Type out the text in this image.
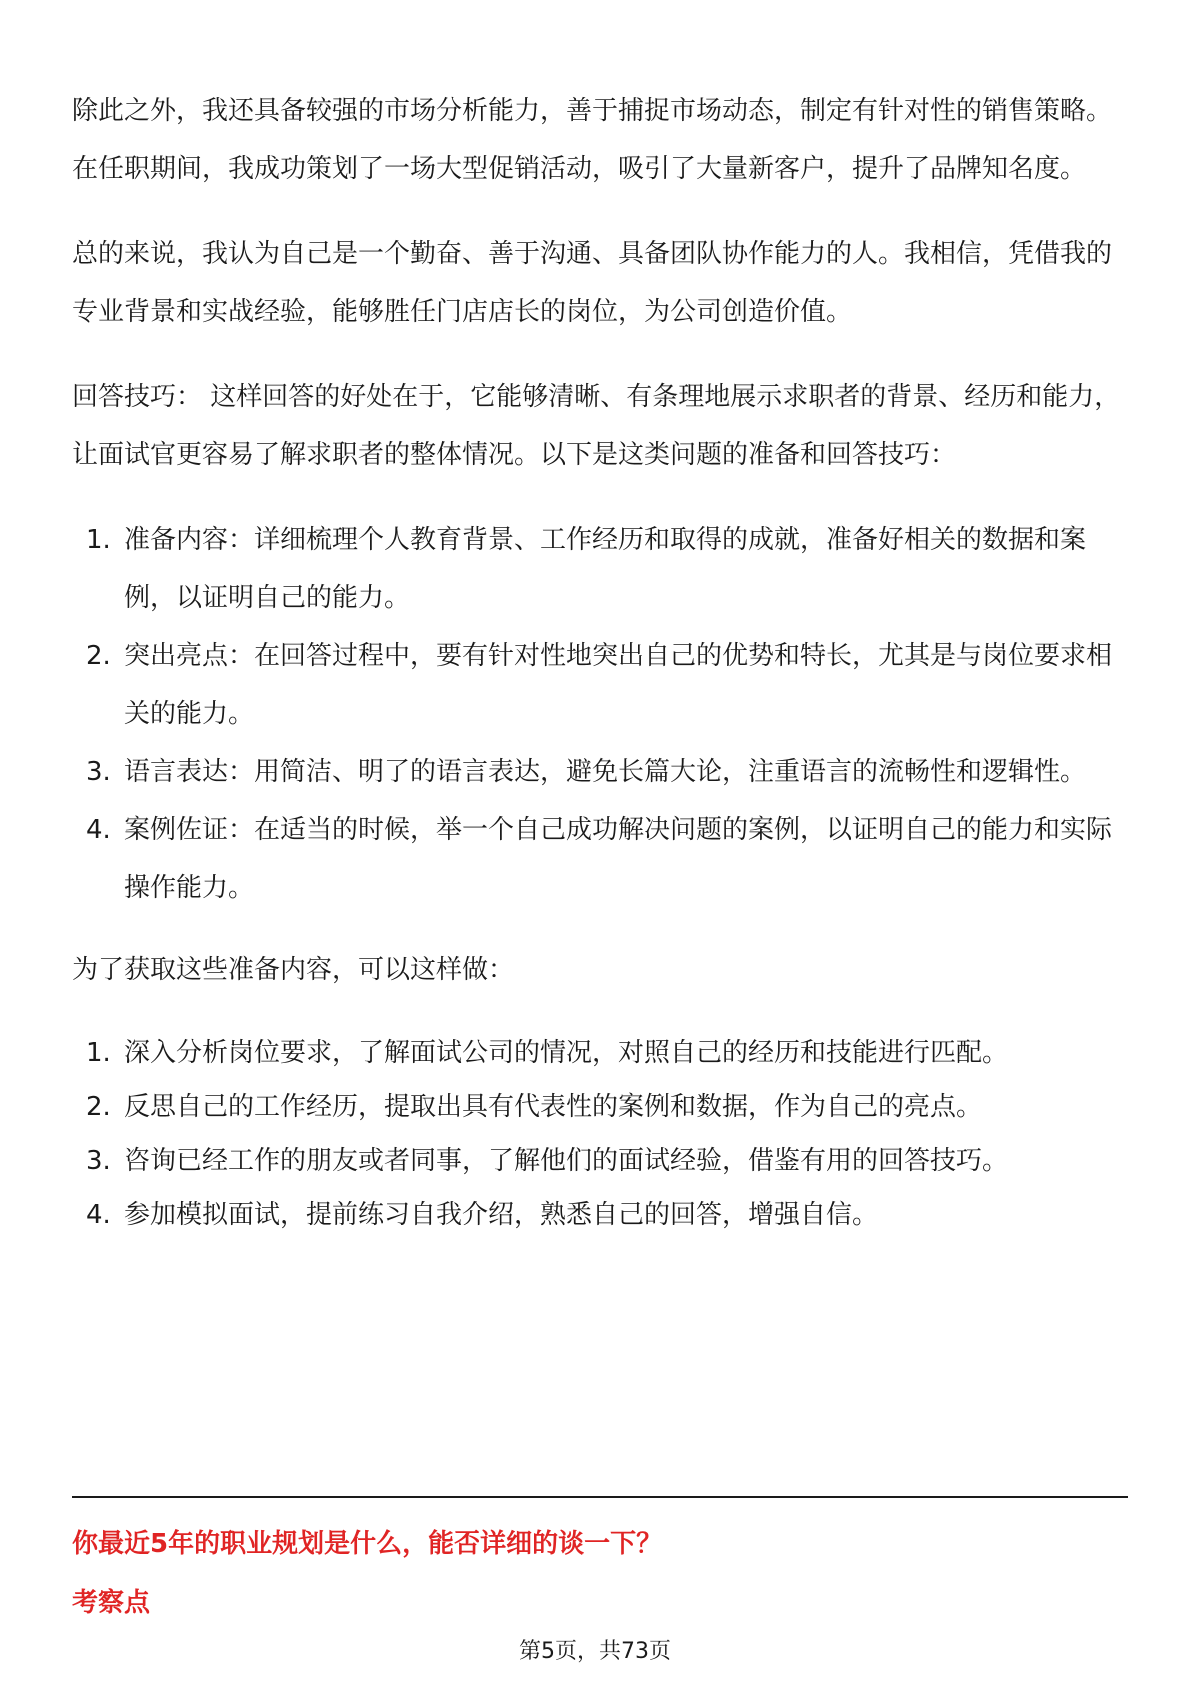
除此之外，我还具备较强的市场分析能力，善于捕捉市场动态，制定有针对性的销售策略。在任职期间，我成功策划了一场大型促销活动，吸引了大量新客户，提升了品牌知名度。

总的来说，我认为自己是一个勤奋、善于沟通、具备团队协作能力的人。我相信，凭借我的专业背景和实战经验，能够胜任门店店长的岗位，为公司创造价值。

回答技巧： 这样回答的好处在于，它能够清晰、有条理地展示求职者的背景、经历和能力，让面试官更容易了解求职者的整体情况。以下是这类问题的准备和回答技巧：

1. 准备内容：详细梳理个人教育背景、工作经历和取得的成就，准备好相关的数据和案例，以证明自己的能力。
2. 突出亮点：在回答过程中，要有针对性地突出自己的优势和特长，尤其是与岗位要求相关的能力。
3. 语言表达：用简洁、明了的语言表达，避免长篇大论，注重语言的流畅性和逻辑性。
4. 案例佐证：在适当的时候，举一个自己成功解决问题的案例，以证明自己的能力和实际操作能力。

为了获取这些准备内容，可以这样做：

1. 深入分析岗位要求，了解面试公司的情况，对照自己的经历和技能进行匹配。
2. 反思自己的工作经历，提取出具有代表性的案例和数据，作为自己的亮点。
3. 咨询已经工作的朋友或者同事，了解他们的面试经验，借鉴有用的回答技巧。
4. 参加模拟面试，提前练习自我介绍，熟悉自己的回答，增强自信。
你最近5年的职业规划是什么，能否详细的谈一下？
考察点
第5页，共73页
